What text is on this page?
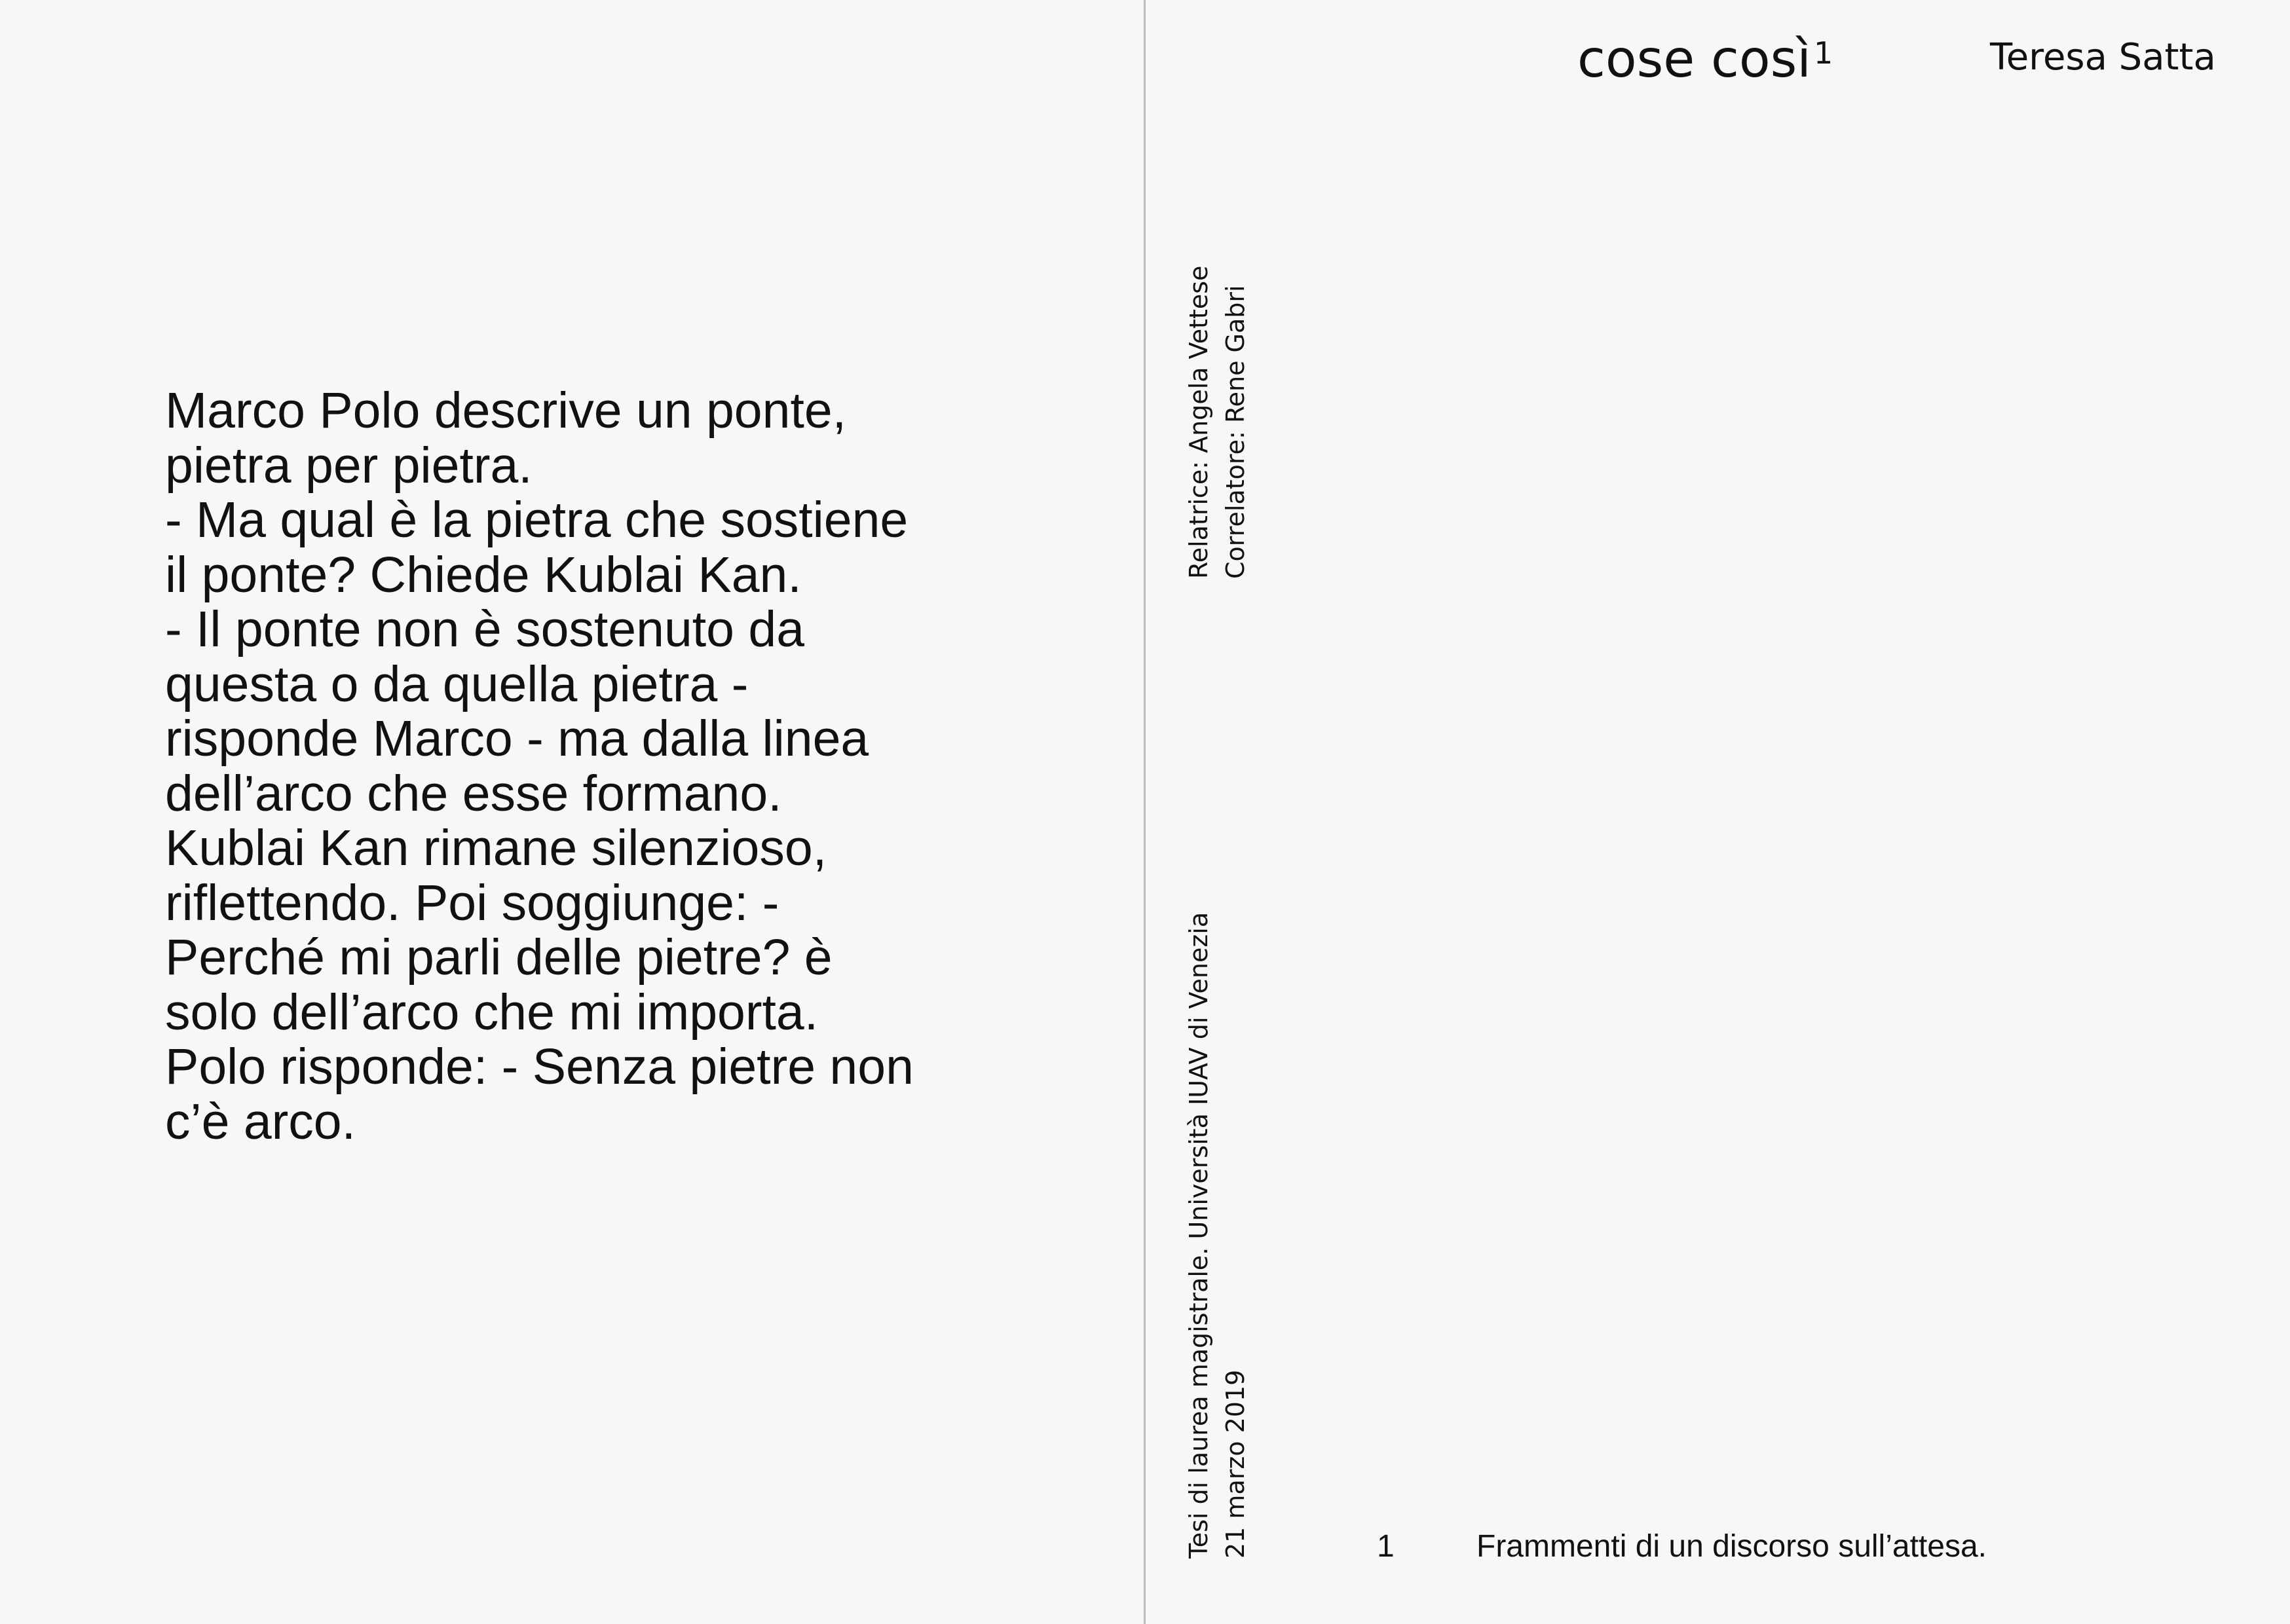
Marco Polo descrive un ponte,
pietra per pietra.
- Ma qual è la pietra che sostiene
il ponte? Chiede Kublai Kan.
- Il ponte non è sostenuto da
questa o da quella pietra -
risponde Marco - ma dalla linea
dell’arco che esse formano.
Kublai Kan rimane silenzioso,
riflettendo. Poi soggiunge: -
Perché mi parli delle pietre? è
solo dell’arco che mi importa.
Polo risponde: - Senza pietre non
c’è arco.

cose così$^1$	Teresa Satta
Relatrice: Angela Vettese Correlatore: Rene Gabri
Tesi di laurea magistrale. Università IUAV di Venezia 21 marzo 2019	1	Frammenti di un discorso sull’attesa.
